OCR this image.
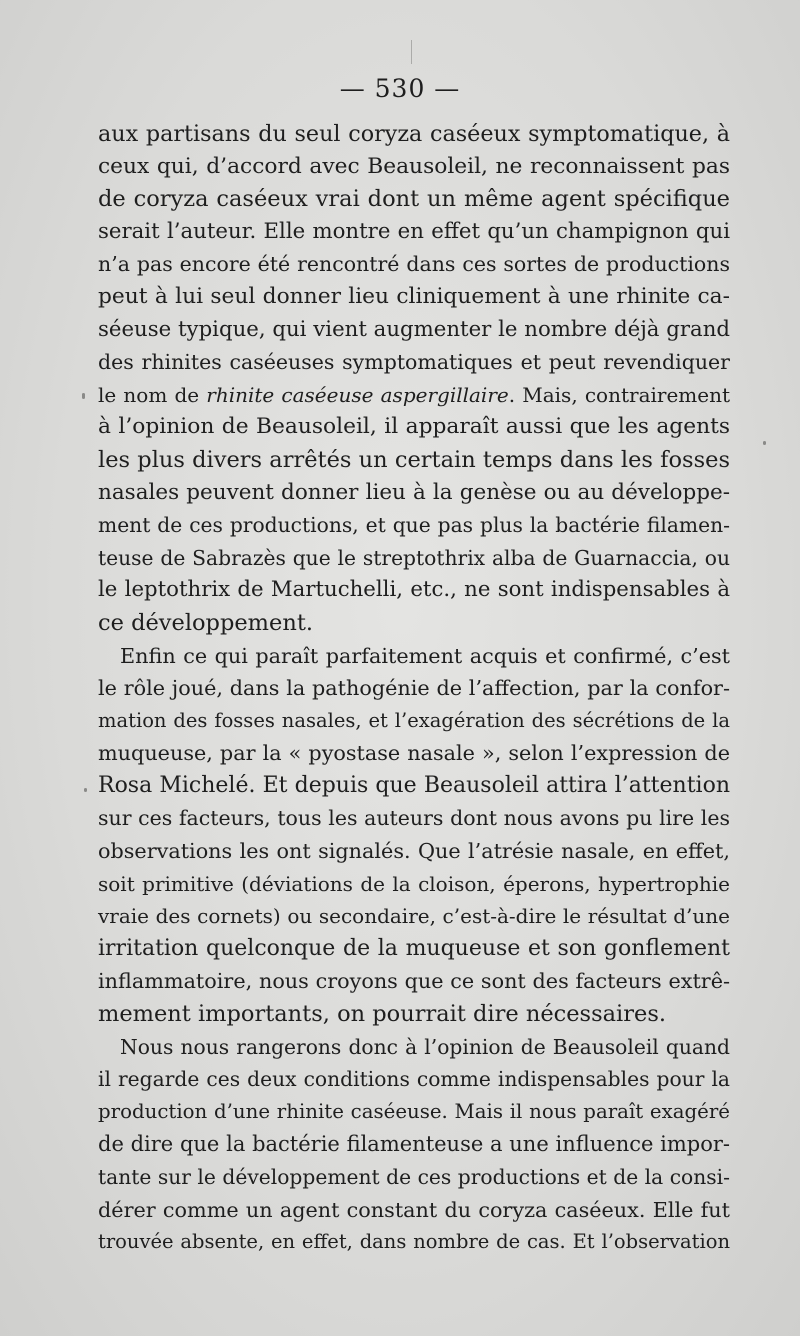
— 530 —
aux partisans du seul coryza caséeux symptomatique, à
ceux qui, d’accord avec Beausoleil, ne reconnaissent pas
de coryza caséeux vrai dont un même agent spécifique
serait l’auteur. Elle montre en effet qu’un champignon qui
n’a pas encore été rencontré dans ces sortes de productions
peut à lui seul donner lieu cliniquement à une rhinite ca-
séeuse typique, qui vient augmenter le nombre déjà grand
des rhinites caséeuses symptomatiques et peut revendiquer
le nom de rhinite caséeuse aspergillaire. Mais, contrairement
à l’opinion de Beausoleil, il apparaît aussi que les agents
les plus divers arrêtés un certain temps dans les fosses
nasales peuvent donner lieu à la genèse ou au développe-
ment de ces productions, et que pas plus la bactérie filamen-
teuse de Sabrazès que le streptothrix alba de Guarnaccia, ou
le leptothrix de Martuchelli, etc., ne sont indispensables à
ce développement.
Enfin ce qui paraît parfaitement acquis et confirmé, c’est
le rôle joué, dans la pathogénie de l’affection, par la confor-
mation des fosses nasales, et l’exagération des sécrétions de la
muqueuse, par la « pyostase nasale », selon l’expression de
Rosa Michelé. Et depuis que Beausoleil attira l’attention
sur ces facteurs, tous les auteurs dont nous avons pu lire les
observations les ont signalés. Que l’atrésie nasale, en effet,
soit primitive (déviations de la cloison, éperons, hypertrophie
vraie des cornets) ou secondaire, c’est-à-dire le résultat d’une
irritation quelconque de la muqueuse et son gonflement
inflammatoire, nous croyons que ce sont des facteurs extrê-
mement importants, on pourrait dire nécessaires.
Nous nous rangerons donc à l’opinion de Beausoleil quand
il regarde ces deux conditions comme indispensables pour la
production d’une rhinite caséeuse. Mais il nous paraît exagéré
de dire que la bactérie filamenteuse a une influence impor-
tante sur le développement de ces productions et de la consi-
dérer comme un agent constant du coryza caséeux. Elle fut
trouvée absente, en effet, dans nombre de cas. Et l’observation
